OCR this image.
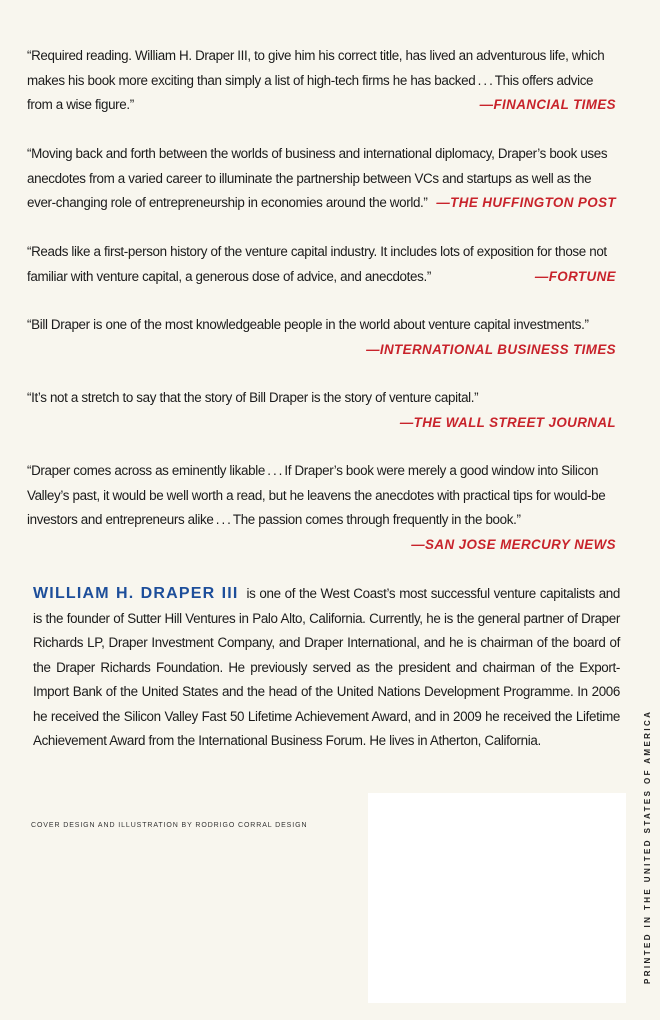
“Required reading. William H. Draper III, to give him his correct title, has lived an adventurous life, which makes his book more exciting than simply a list of high-tech firms he has backed . . . This offers advice from a wise figure.”	—FINANCIAL TIMES
“Moving back and forth between the worlds of business and international diplomacy, Draper’s book uses anecdotes from a varied career to illuminate the partnership between VCs and startups as well as the ever-changing role of entrepreneurship in economies around the world.” —THE HUFFINGTON POST
“Reads like a first-person history of the venture capital industry. It includes lots of exposition for those not familiar with venture capital, a generous dose of advice, and anecdotes.”	—FORTUNE
“Bill Draper is one of the most knowledgeable people in the world about venture capital investments.”
—INTERNATIONAL BUSINESS TIMES
“It’s not a stretch to say that the story of Bill Draper is the story of venture capital.”
—THE WALL STREET JOURNAL
“Draper comes across as eminently likable . . . If Draper’s book were merely a good window into Silicon Valley’s past, it would be well worth a read, but he leavens the anecdotes with practical tips for would-be investors and entrepreneurs alike . . . The passion comes through frequently in the book.”
—SAN JOSE MERCURY NEWS
WILLIAM H. DRAPER III is one of the West Coast’s most successful venture capitalists and is the founder of Sutter Hill Ventures in Palo Alto, California. Currently, he is the general partner of Draper Richards LP, Draper Investment Company, and Draper International, and he is chairman of the board of the Draper Richards Foundation. He previously served as the president and chairman of the Export-Import Bank of the United States and the head of the United Nations Development Programme. In 2006 he received the Silicon Valley Fast 50 Lifetime Achievement Award, and in 2009 he received the Lifetime Achievement Award from the International Business Forum. He lives in Atherton, California.
COVER DESIGN AND ILLUSTRATION BY RODRIGO CORRAL DESIGN	PRINTED IN THE UNITED STATES OF AMERICA
